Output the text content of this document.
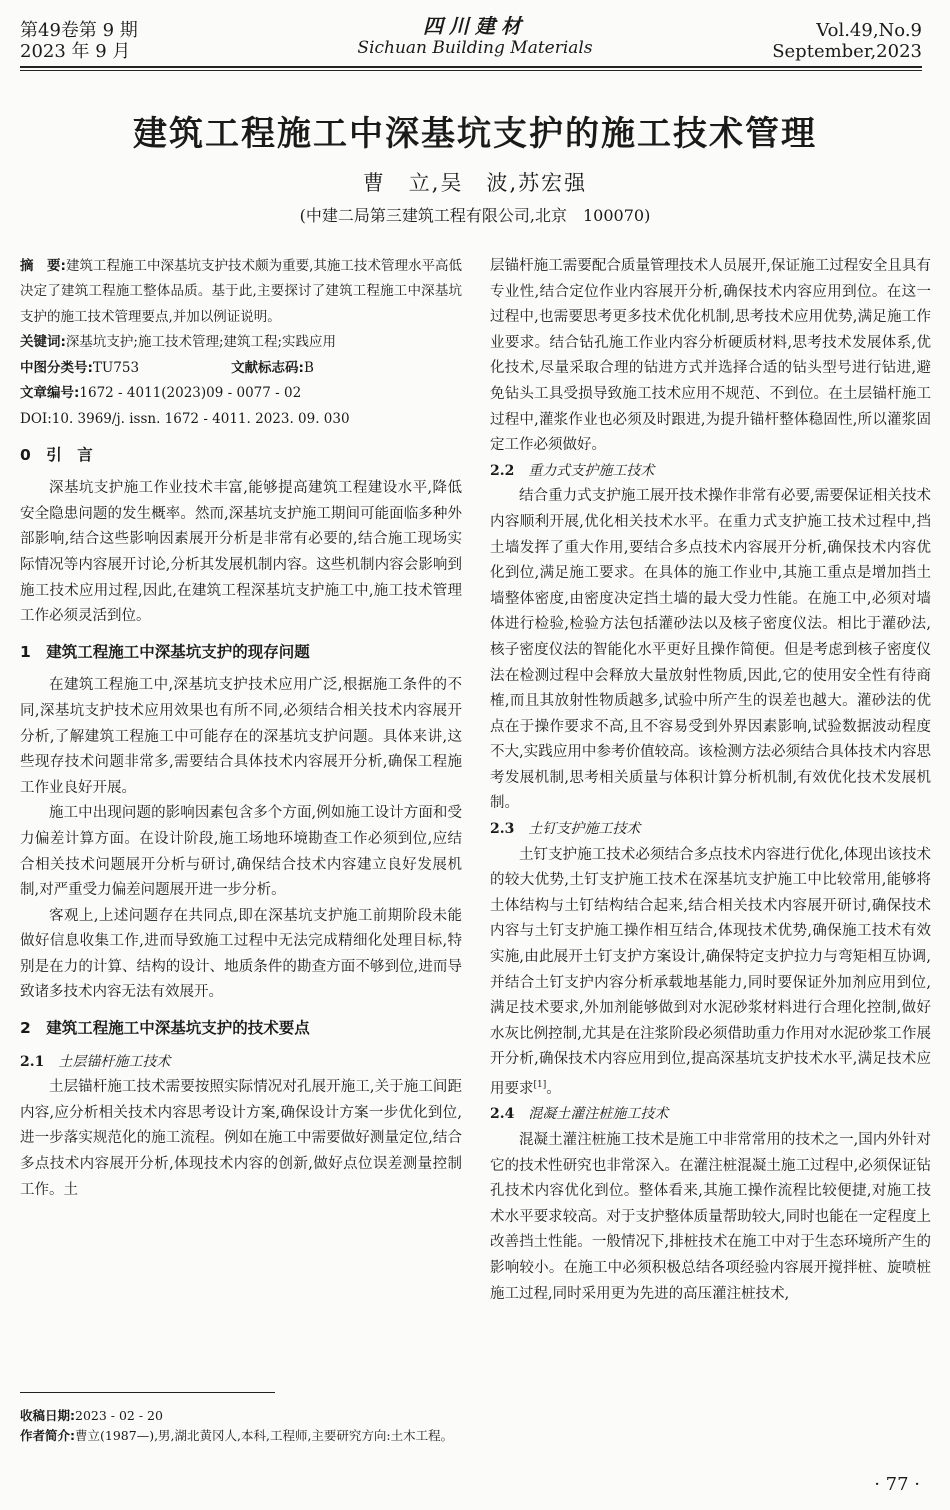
第49卷第 9 期
2023 年 9 月
四川建材
Sichuan Building Materials
Vol.49,No.9
September,2023
建筑工程施工中深基坑支护的施工技术管理
曹　立,吴　波,苏宏强
(中建二局第三建筑工程有限公司,北京　100070)

摘　要:建筑工程施工中深基坑支护技术颇为重要,其施工技术管理水平高低决定了建筑工程施工整体品质。基于此,主要探讨了建筑工程施工中深基坑支护的施工技术管理要点,并加以例证说明。

关键词:深基坑支护;施工技术管理;建筑工程;实践应用

中图分类号:TU753	文献标志码:B

文章编号:1672 - 4011(2023)09 - 0077 - 02

DOI:10. 3969/j. issn. 1672 - 4011. 2023. 09. 030

0　引　言

深基坑支护施工作业技术丰富,能够提高建筑工程建设水平,降低安全隐患问题的发生概率。然而,深基坑支护施工期间可能面临多种外部影响,结合这些影响因素展开分析是非常有必要的,结合施工现场实际情况等内容展开讨论,分析其发展机制内容。这些机制内容会影响到施工技术应用过程,因此,在建筑工程深基坑支护施工中,施工技术管理工作必须灵活到位。

1　建筑工程施工中深基坑支护的现存问题

在建筑工程施工中,深基坑支护技术应用广泛,根据施工条件的不同,深基坑支护技术应用效果也有所不同,必须结合相关技术内容展开分析,了解建筑工程施工中可能存在的深基坑支护问题。具体来讲,这些现存技术问题非常多,需要结合具体技术内容展开分析,确保工程施工作业良好开展。

施工中出现问题的影响因素包含多个方面,例如施工设计方面和受力偏差计算方面。在设计阶段,施工场地环境勘查工作必须到位,应结合相关技术问题展开分析与研讨,确保结合技术内容建立良好发展机制,对严重受力偏差问题展开进一步分析。

客观上,上述问题存在共同点,即在深基坑支护施工前期阶段未能做好信息收集工作,进而导致施工过程中无法完成精细化处理目标,特别是在力的计算、结构的设计、地质条件的勘查方面不够到位,进而导致诸多技术内容无法有效展开。

2　建筑工程施工中深基坑支护的技术要点
2.1 土层锚杆施工技术

土层锚杆施工技术需要按照实际情况对孔展开施工,关于施工间距内容,应分析相关技术内容思考设计方案,确保设计方案一步优化到位,进一步落实规范化的施工流程。例如在施工中需要做好测量定位,结合多点技术内容展开分析,体现技术内容的创新,做好点位误差测量控制工作。土

层锚杆施工需要配合质量管理技术人员展开,保证施工过程安全且具有专业性,结合定位作业内容展开分析,确保技术内容应用到位。在这一过程中,也需要思考更多技术优化机制,思考技术应用优势,满足施工作业要求。结合钻孔施工作业内容分析硬质材料,思考技术发展体系,优化技术,尽量采取合理的钻进方式并选择合适的钻头型号进行钻进,避免钻头工具受损导致施工技术应用不规范、不到位。在土层锚杆施工过程中,灌浆作业也必须及时跟进,为提升锚杆整体稳固性,所以灌浆固定工作必须做好。

2.2 重力式支护施工技术

结合重力式支护施工展开技术操作非常有必要,需要保证相关技术内容顺利开展,优化相关技术水平。在重力式支护施工技术过程中,挡土墙发挥了重大作用,要结合多点技术内容展开分析,确保技术内容优化到位,满足施工要求。在具体的施工作业中,其施工重点是增加挡土墙整体密度,由密度决定挡土墙的最大受力性能。在施工中,必须对墙体进行检验,检验方法包括灌砂法以及核子密度仪法。相比于灌砂法,核子密度仪法的智能化水平更好且操作简便。但是考虑到核子密度仪法在检测过程中会释放大量放射性物质,因此,它的使用安全性有待商榷,而且其放射性物质越多,试验中所产生的误差也越大。灌砂法的优点在于操作要求不高,且不容易受到外界因素影响,试验数据波动程度不大,实践应用中参考价值较高。该检测方法必须结合具体技术内容思考发展机制,思考相关质量与体积计算分析机制,有效优化技术发展机制。

2.3 土钉支护施工技术

土钉支护施工技术必须结合多点技术内容进行优化,体现出该技术的较大优势,土钉支护施工技术在深基坑支护施工中比较常用,能够将土体结构与土钉结构结合起来,结合相关技术内容展开研讨,确保技术内容与土钉支护施工操作相互结合,体现技术优势,确保施工技术有效实施,由此展开土钉支护方案设计,确保特定支护拉力与弯矩相互协调,并结合土钉支护内容分析承载地基能力,同时要保证外加剂应用到位,满足技术要求,外加剂能够做到对水泥砂浆材料进行合理化控制,做好水灰比例控制,尤其是在注浆阶段必须借助重力作用对水泥砂浆工作展开分析,确保技术内容应用到位,提高深基坑支护技术水平,满足技术应用要求[1]。

2.4 混凝土灌注桩施工技术

混凝土灌注桩施工技术是施工中非常常用的技术之一,国内外针对它的技术性研究也非常深入。在灌注桩混凝土施工过程中,必须保证钻孔技术内容优化到位。整体看来,其施工操作流程比较便捷,对施工技术水平要求较高。对于支护整体质量帮助较大,同时也能在一定程度上改善挡土性能。一般情况下,排桩技术在施工中对于生态环境所产生的影响较小。在施工中必须积极总结各项经验内容展开搅拌桩、旋喷桩施工过程,同时采用更为先进的高压灌注桩技术,

收稿日期:2023 - 02 - 20
作者简介:曹立(1987—),男,湖北黄冈人,本科,工程师,主要研究方向:土木工程。
· 77 ·
